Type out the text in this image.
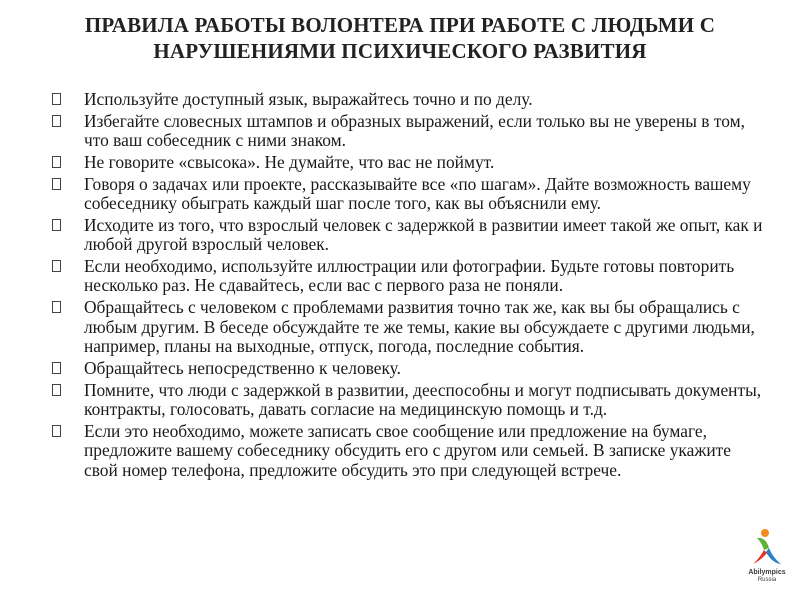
ПРАВИЛА РАБОТЫ ВОЛОНТЕРА ПРИ РАБОТЕ С ЛЮДЬМИ С
НАРУШЕНИЯМИ ПСИХИЧЕСКОГО РАЗВИТИЯ
Используйте доступный язык, выражайтесь точно и по делу.
Избегайте словесных штампов и образных выражений, если только вы не уверены в том, что ваш собеседник с ними знаком.
Не говорите «свысока». Не думайте, что вас не поймут.
Говоря о задачах или проекте, рассказывайте все «по шагам». Дайте возможность вашему собеседнику обыграть каждый шаг после того, как вы объяснили ему.
Исходите из того, что взрослый человек с задержкой в развитии имеет такой же опыт, как и любой другой взрослый человек.
Если необходимо, используйте иллюстрации или фотографии. Будьте готовы повторить несколько раз. Не сдавайтесь, если вас с первого раза не поняли.
Обращайтесь с человеком с проблемами развития точно так же, как вы бы обращались с любым другим. В беседе обсуждайте те же темы, какие вы обсуждаете с другими людьми, например, планы на выходные, отпуск, погода, последние события.
Обращайтесь непосредственно к человеку.
Помните, что люди с задержкой в развитии, дееспособны и могут подписывать документы, контракты, голосовать, давать согласие на медицинскую помощь и т.д.
Если это необходимо, можете записать свое сообщение или предложение на бумаге, предложите вашему собеседнику обсудить его с другом или семьей. В записке укажите свой номер телефона, предложите обсудить это при следующей встрече.
Abilympics
Russia
